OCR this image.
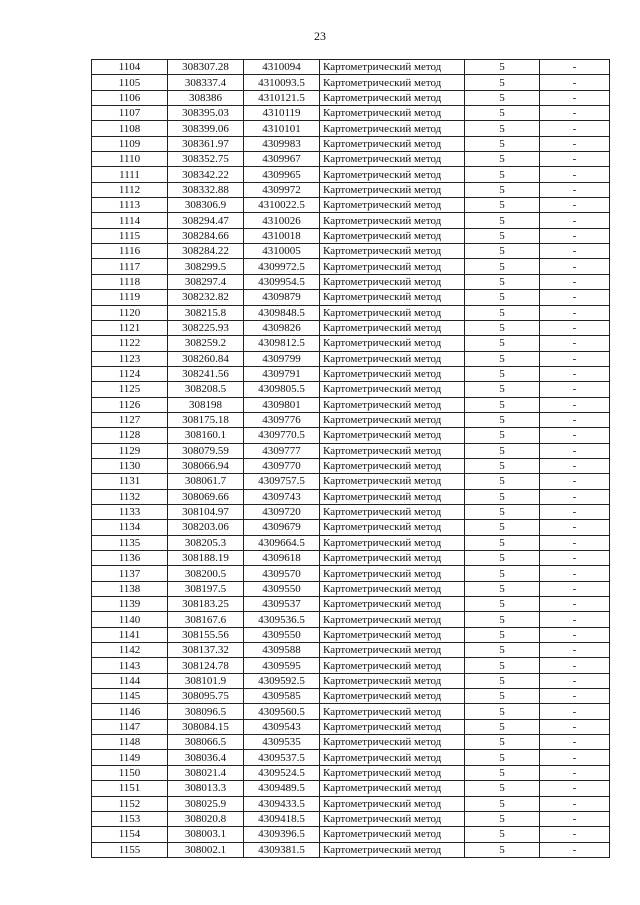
23
1104	308307.28	4310094	Картометрический метод	5	-
1105	308337.4	4310093.5	Картометрический метод	5	-
1106	308386	4310121.5	Картометрический метод	5	-
1107	308395.03	4310119	Картометрический метод	5	-
1108	308399.06	4310101	Картометрический метод	5	-
1109	308361.97	4309983	Картометрический метод	5	-
1110	308352.75	4309967	Картометрический метод	5	-
1111	308342.22	4309965	Картометрический метод	5	-
1112	308332.88	4309972	Картометрический метод	5	-
1113	308306.9	4310022.5	Картометрический метод	5	-
1114	308294.47	4310026	Картометрический метод	5	-
1115	308284.66	4310018	Картометрический метод	5	-
1116	308284.22	4310005	Картометрический метод	5	-
1117	308299.5	4309972.5	Картометрический метод	5	-
1118	308297.4	4309954.5	Картометрический метод	5	-
1119	308232.82	4309879	Картометрический метод	5	-
1120	308215.8	4309848.5	Картометрический метод	5	-
1121	308225.93	4309826	Картометрический метод	5	-
1122	308259.2	4309812.5	Картометрический метод	5	-
1123	308260.84	4309799	Картометрический метод	5	-
1124	308241.56	4309791	Картометрический метод	5	-
1125	308208.5	4309805.5	Картометрический метод	5	-
1126	308198	4309801	Картометрический метод	5	-
1127	308175.18	4309776	Картометрический метод	5	-
1128	308160.1	4309770.5	Картометрический метод	5	-
1129	308079.59	4309777	Картометрический метод	5	-
1130	308066.94	4309770	Картометрический метод	5	-
1131	308061.7	4309757.5	Картометрический метод	5	-
1132	308069.66	4309743	Картометрический метод	5	-
1133	308104.97	4309720	Картометрический метод	5	-
1134	308203.06	4309679	Картометрический метод	5	-
1135	308205.3	4309664.5	Картометрический метод	5	-
1136	308188.19	4309618	Картометрический метод	5	-
1137	308200.5	4309570	Картометрический метод	5	-
1138	308197.5	4309550	Картометрический метод	5	-
1139	308183.25	4309537	Картометрический метод	5	-
1140	308167.6	4309536.5	Картометрический метод	5	-
1141	308155.56	4309550	Картометрический метод	5	-
1142	308137.32	4309588	Картометрический метод	5	-
1143	308124.78	4309595	Картометрический метод	5	-
1144	308101.9	4309592.5	Картометрический метод	5	-
1145	308095.75	4309585	Картометрический метод	5	-
1146	308096.5	4309560.5	Картометрический метод	5	-
1147	308084.15	4309543	Картометрический метод	5	-
1148	308066.5	4309535	Картометрический метод	5	-
1149	308036.4	4309537.5	Картометрический метод	5	-
1150	308021.4	4309524.5	Картометрический метод	5	-
1151	308013.3	4309489.5	Картометрический метод	5	-
1152	308025.9	4309433.5	Картометрический метод	5	-
1153	308020.8	4309418.5	Картометрический метод	5	-
1154	308003.1	4309396.5	Картометрический метод	5	-
1155	308002.1	4309381.5	Картометрический метод	5	-
